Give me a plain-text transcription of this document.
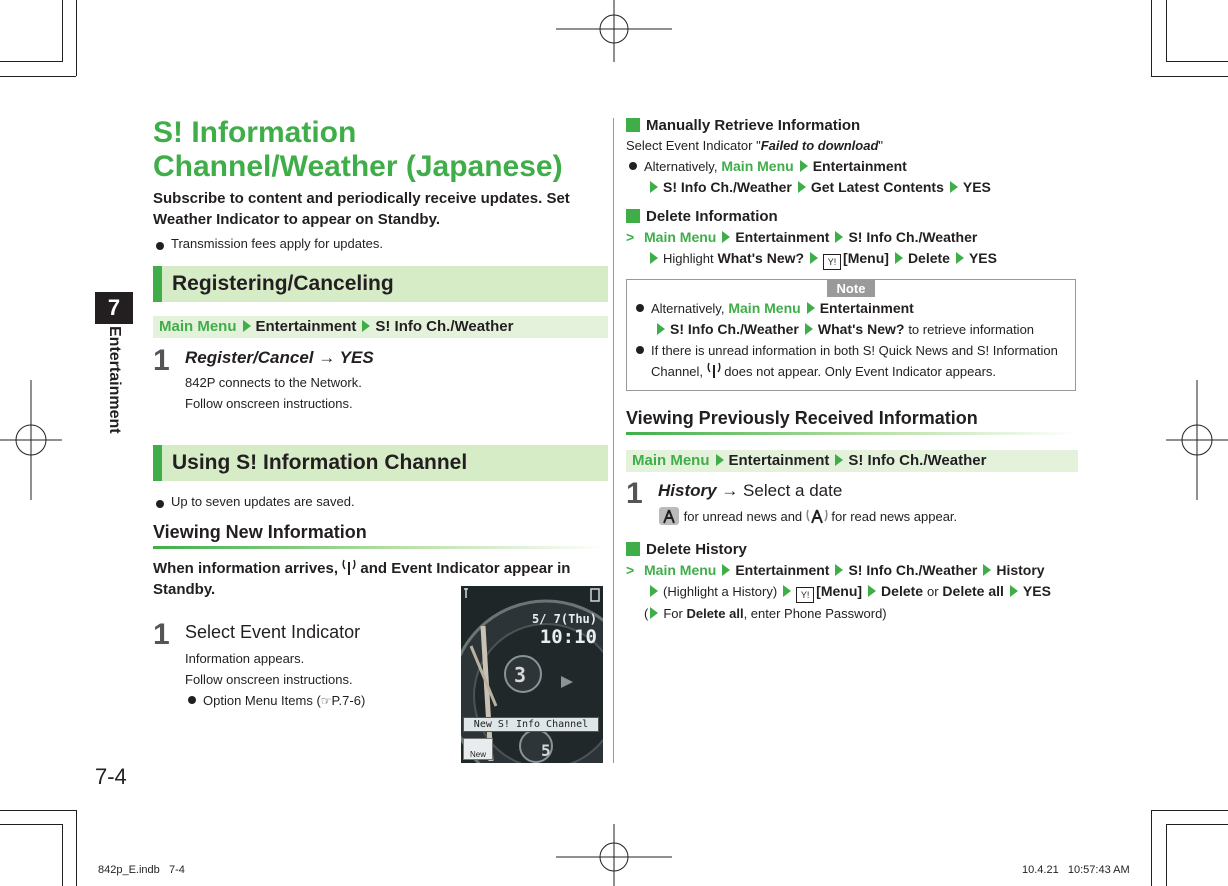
7
Entertainment
7-4
S! Information Channel/Weather (Japanese)
Subscribe to content and periodically receive updates. Set Weather Indicator to appear on Standby.
Transmission fees apply for updates.
Registering/Canceling
Main Menu Entertainment S! Info Ch./Weather
1 Register/Cancel → YES
842P connects to the Network.
Follow onscreen instructions.
Using S! Information Channel
Up to seven updates are saved.
Viewing New Information
When information arrives, and Event Indicator appear in Standby.
1 Select Event Indicator
Information appears.
Follow onscreen instructions.
Option Menu Items (☞P.7-6)
3
5
5/ 7(Thu)
10:10
New S! Info Channel
New
Manually Retrieve Information
Select Event Indicator "Failed to download"
Alternatively, Main Menu Entertainment
S! Info Ch./Weather Get Latest Contents YES
Delete Information
> Main Menu Entertainment S! Info Ch./Weather
Highlight What's New?	Y! [Menu] Delete YES
Note
Alternatively, Main Menu Entertainment
S! Info Ch./Weather What's New? to retrieve information
If there is unread information in both S! Quick News and S! Information Channel, does not appear. Only Event Indicator appears.
Viewing Previously Received Information
Main Menu Entertainment S! Info Ch./Weather
1 History → Select a date
for unread news and for read news appear.
Delete History
> Main Menu Entertainment S! Info Ch./Weather History
(Highlight a History)	Y! [Menu] Delete or Delete all YES
( For Delete all, enter Phone Password)
842p_E.indb   7-4	10.4.21   10:57:43 AM
